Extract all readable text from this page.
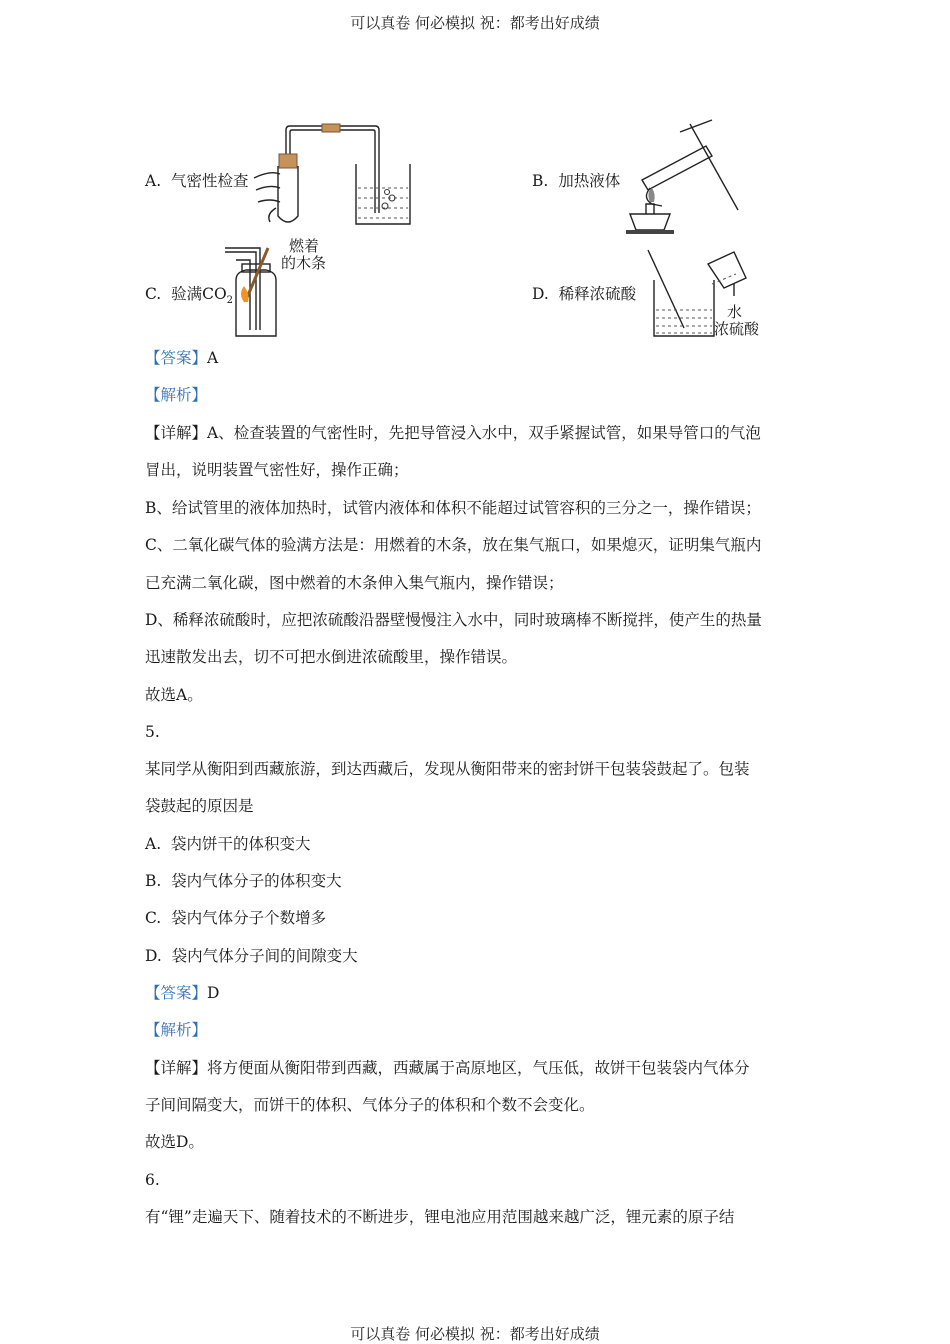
可以真卷 何必模拟 祝：都考出好成绩
A. 气密性检查	B. 加热液体
C. 验满$CO_2$
燃着
的木条
D. 稀释浓硫酸
水
浓硫酸
【答案】A
【解析】
【详解】A、检查装置的气密性时，先把导管浸入水中，双手紧握试管，如果导管口的气泡
冒出，说明装置气密性好，操作正确；
B、给试管里的液体加热时，试管内液体和体积不能超过试管容积的三分之一，操作错误；
C、二氧化碳气体的验满方法是：用燃着的木条，放在集气瓶口，如果熄灭，证明集气瓶内
已充满二氧化碳，图中燃着的木条伸入集气瓶内，操作错误；
D、稀释浓硫酸时，应把浓硫酸沿器壁慢慢注入水中，同时玻璃棒不断搅拌，使产生的热量
迅速散发出去，切不可把水倒进浓硫酸里，操作错误。
故选A。
5.
某同学从衡阳到西藏旅游，到达西藏后，发现从衡阳带来的密封饼干包装袋鼓起了。包装
袋鼓起的原因是
A.  袋内饼干的体积变大
B.  袋内气体分子的体积变大
C.  袋内气体分子个数增多
D.  袋内气体分子间的间隙变大
【答案】D
【解析】
【详解】将方便面从衡阳带到西藏，西藏属于高原地区，气压低，故饼干包装袋内气体分
子间间隔变大，而饼干的体积、气体分子的体积和个数不会变化。
故选D。
6.
有“锂”走遍天下、随着技术的不断进步，锂电池应用范围越来越广泛，锂元素的原子结
可以真卷 何必模拟 祝：都考出好成绩
